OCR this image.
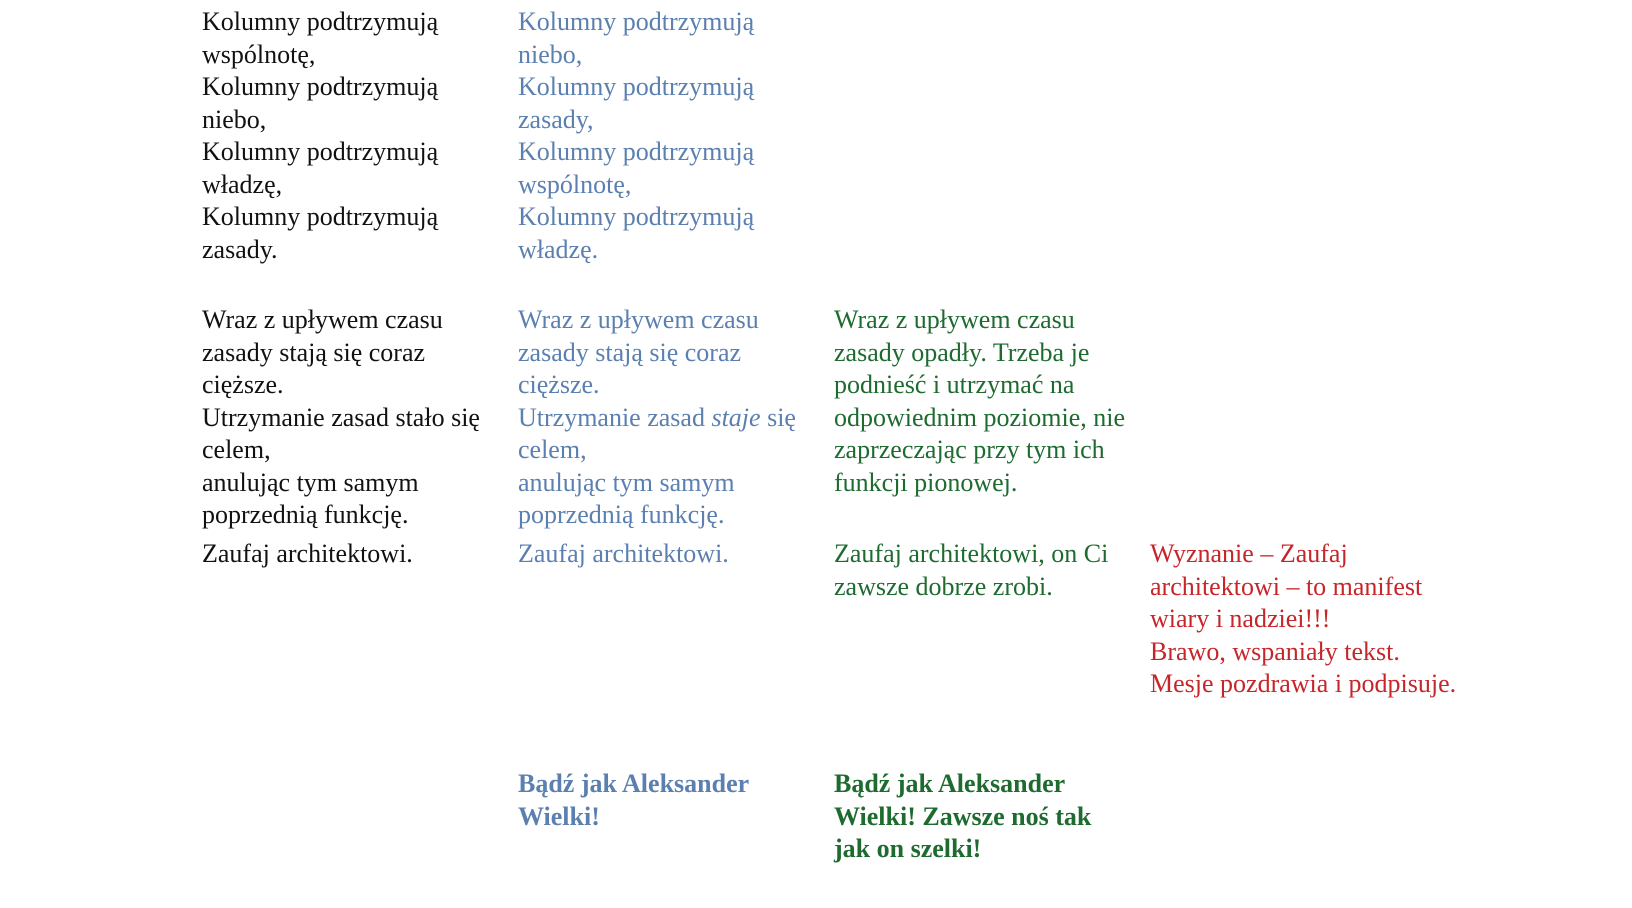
Kolumny podtrzymują wspólnotę,
Kolumny podtrzymują niebo,
Kolumny podtrzymują władzę,
Kolumny podtrzymują zasady.
Wraz z upływem czasu zasady stają się coraz cięższe.
Utrzymanie zasad stało się celem,
anulując tym samym poprzednią funkcję.
Zaufaj architektowi.
Kolumny podtrzymują niebo,
Kolumny podtrzymują zasady,
Kolumny podtrzymują wspólnotę,
Kolumny podtrzymują władzę.
Wraz z upływem czasu zasady stają się coraz cięższe.
Utrzymanie zasad staje się celem,
anulując tym samym poprzednią funkcję.
Zaufaj architektowi.
Bądź jak Aleksander Wielki!
Wraz z upływem czasu zasady opadły. Trzeba je podnieść i utrzymać na odpowiednim poziomie, nie zaprzeczając przy tym ich funkcji pionowej.
Zaufaj architektowi, on Ci zawsze dobrze zrobi.
Bądź jak Aleksander Wielki! Zawsze noś tak jak on szelki!
Wyznanie – Zaufaj architektowi – to manifest wiary i nadziei!!!
Brawo, wspaniały tekst.
Mesje pozdrawia i podpisuje.
